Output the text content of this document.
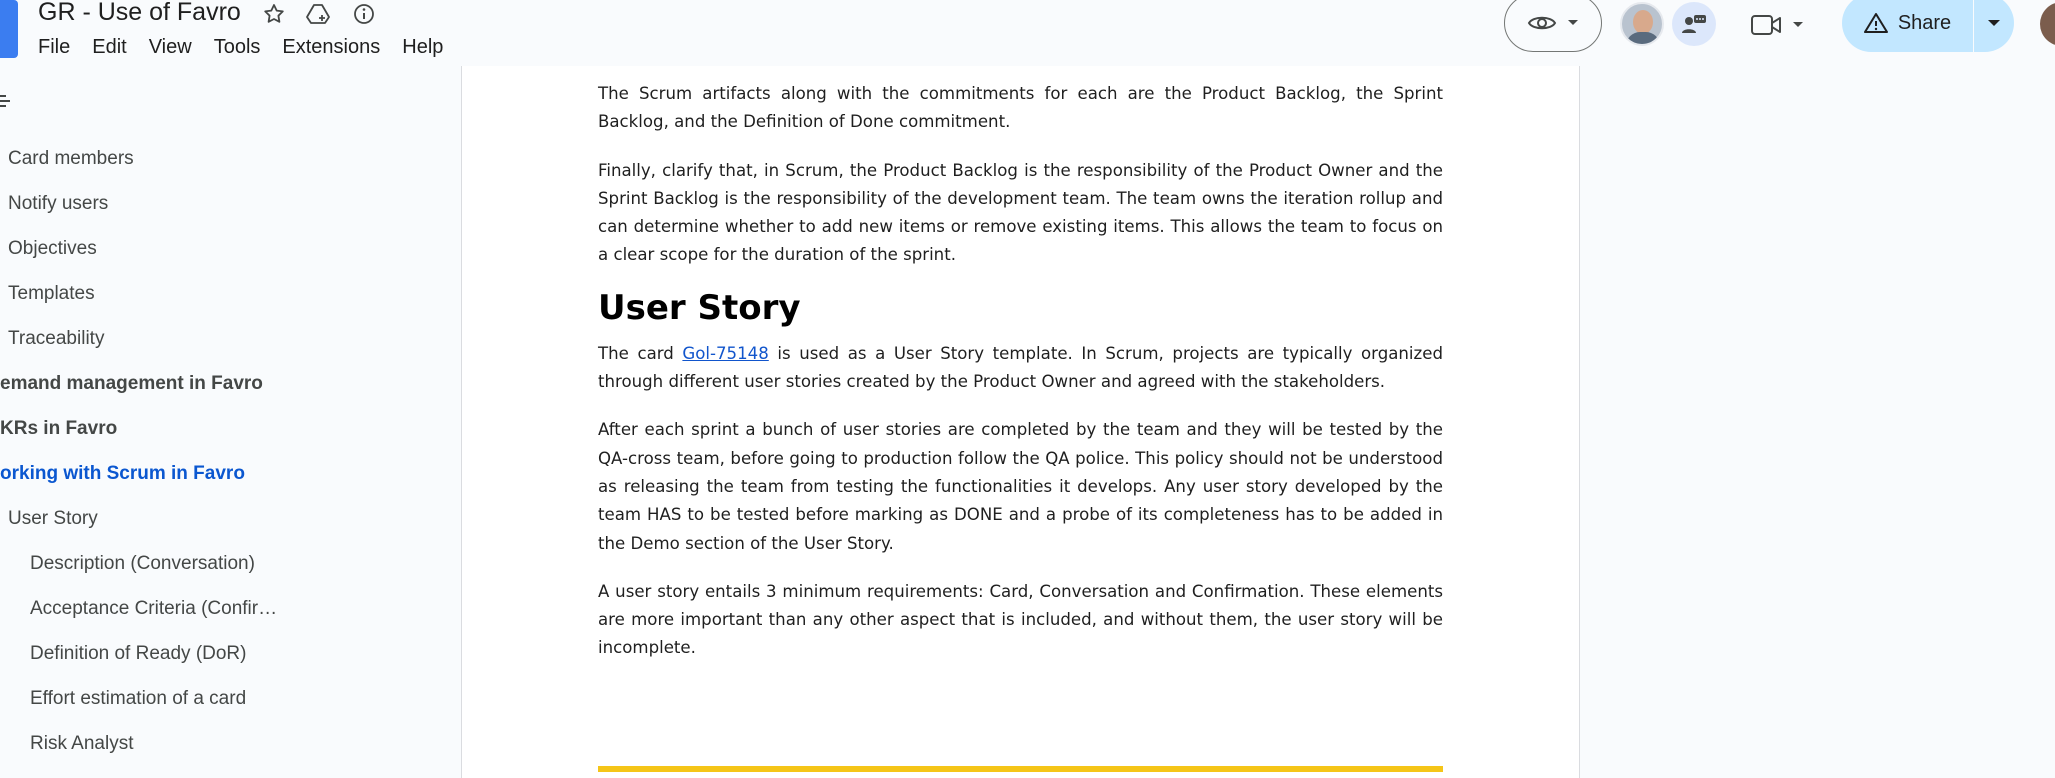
GR - Use of Favro
File	Edit	View	Tools	Extensions	Help
Share
Card members
Notify users
Objectives
Templates
Traceability
emand management in Favro
KRs in Favro
orking with Scrum in Favro
User Story
Description (Conversation)
Acceptance Criteria (Confir…
Definition of Ready (DoR)
Effort estimation of a card
Risk Analyst

The Scrum artifacts along with the commitments for each are the Product Backlog, the Sprint Backlog, and the Definition of Done commitment.

Finally, clarify that, in Scrum, the Product Backlog is the responsibility of the Product Owner and the Sprint Backlog is the responsibility of the development team. The team owns the iteration rollup and can determine whether to add new items or remove existing items. This allows the team to focus on a clear scope for the duration of the sprint.

User Story

The card Gol-75148 is used as a User Story template. In Scrum, projects are typically organized through different user stories created by the Product Owner and agreed with the stakeholders.

After each sprint a bunch of user stories are completed by the team and they will be tested by the QA-cross team, before going to production follow the QA police. This policy should not be understood as releasing the team from testing the functionalities it develops. Any user story developed by the team HAS to be tested before marking as DONE and a probe of its completeness has to be added in the Demo section of the User Story.

A user story entails 3 minimum requirements: Card, Conversation and Confirmation. These elements are more important than any other aspect that is included, and without them, the user story will be incomplete.
